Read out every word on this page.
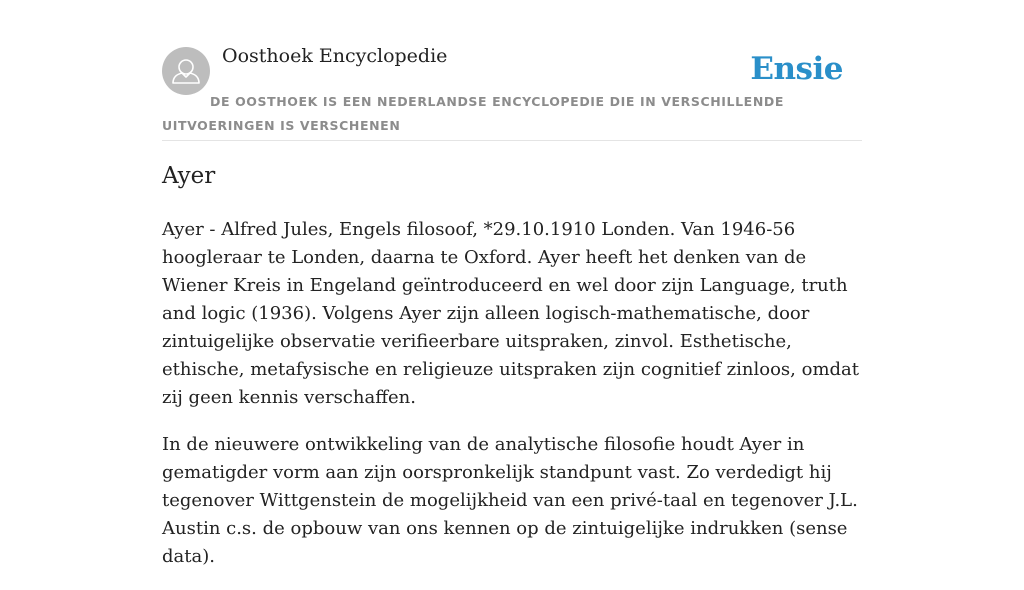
Oosthoek Encyclopedie	Ensie
DE OOSTHOEK IS EEN NEDERLANDSE ENCYCLOPEDIE DIE IN VERSCHILLENDE UITVOERINGEN IS VERSCHENEN
Ayer

Ayer - Alfred Jules, Engels filosoof, *29.10.1910 Londen. Van 1946-56 hoogleraar te Londen, daarna te Oxford. Ayer heeft het denken van de Wiener Kreis in Engeland geïntroduceerd en wel door zijn Language, truth and logic (1936). Volgens Ayer zijn alleen logisch-mathematische, door zintuigelijke observatie verifieerbare uitspraken, zinvol. Esthetische, ethische, metafysische en religieuze uitspraken zijn cognitief zinloos, omdat zij geen kennis verschaffen.

In de nieuwere ontwikkeling van de analytische filosofie houdt Ayer in gematigder vorm aan zijn oorspronkelijk standpunt vast. Zo verdedigt hij tegenover Wittgenstein de mogelijkheid van een privé-taal en tegenover J.L. Austin c.s. de opbouw van ons kennen op de zintuigelijke indrukken (sense data).
